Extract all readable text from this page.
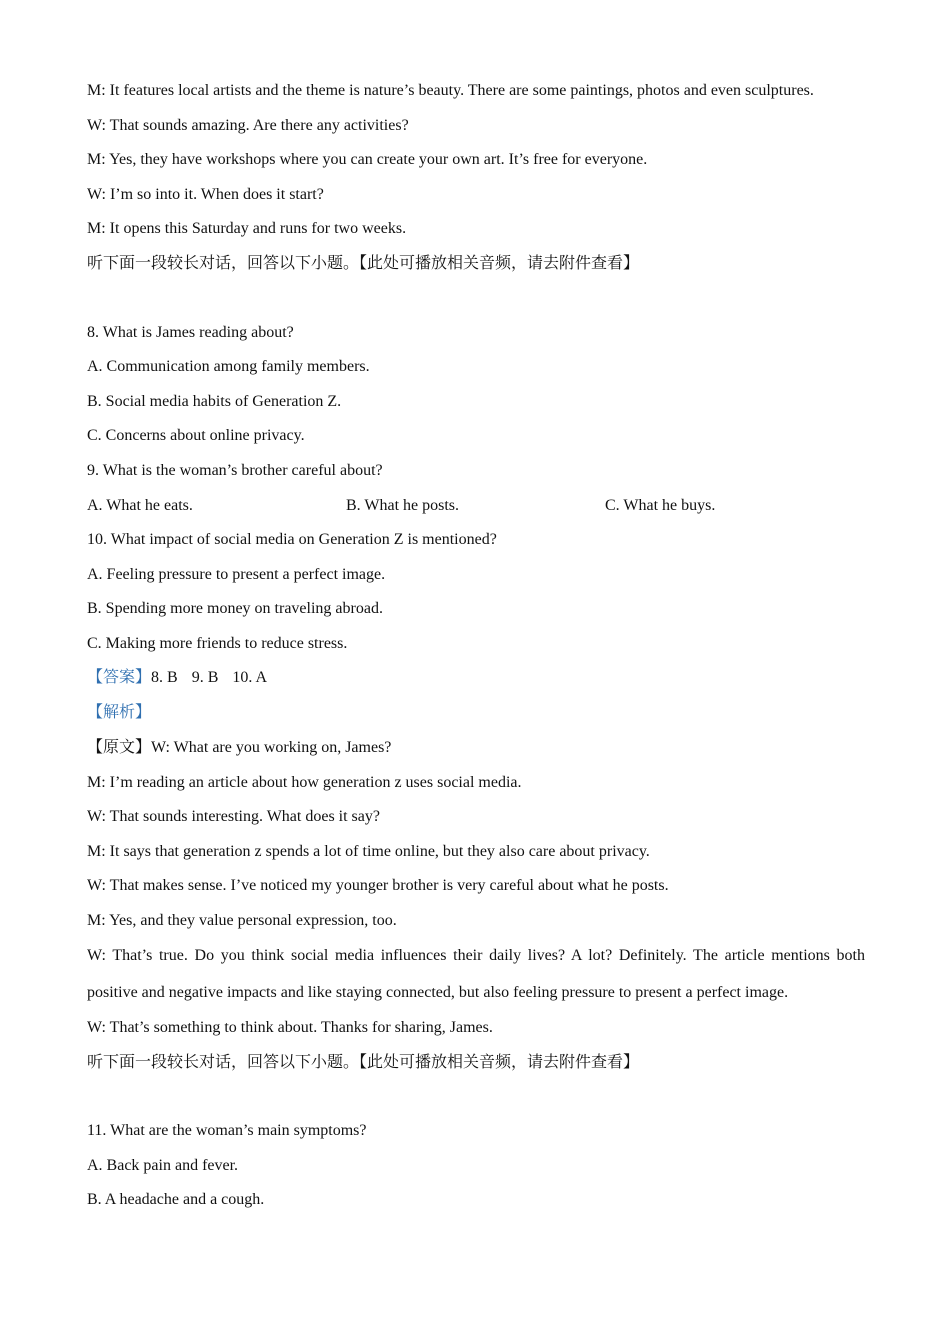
M: It features local artists and the theme is nature’s beauty. There are some paintings, photos and even sculptures.
W: That sounds amazing. Are there any activities?
M: Yes, they have workshops where you can create your own art. It’s free for everyone.
W: I’m so into it. When does it start?
M: It opens this Saturday and runs for two weeks.
听下面一段较长对话，回答以下小题。【此处可播放相关音频，请去附件查看】
8. What is James reading about?
A. Communication among family members.
B. Social media habits of Generation Z.
C. Concerns about online privacy.
9. What is the woman’s brother careful about?
A. What he eats.	B. What he posts.	C. What he buys.
10. What impact of social media on Generation Z is mentioned?
A. Feeling pressure to present a perfect image.
B. Spending more money on traveling abroad.
C. Making more friends to reduce stress.
【答案】8. B 9. B 10. A
【解析】
【原文】W: What are you working on, James?
M: I’m reading an article about how generation z uses social media.
W: That sounds interesting. What does it say?
M: It says that generation z spends a lot of time online, but they also care about privacy.
W: That makes sense. I’ve noticed my younger brother is very careful about what he posts.
M: Yes, and they value personal expression, too.
W: That’s true. Do you think social media influences their daily lives? A lot? Definitely. The article mentions both positive and negative impacts and like staying connected, but also feeling pressure to present a perfect image.
W: That’s something to think about. Thanks for sharing, James.
听下面一段较长对话，回答以下小题。【此处可播放相关音频，请去附件查看】
11. What are the woman’s main symptoms?
A. Back pain and fever.
B. A headache and a cough.
